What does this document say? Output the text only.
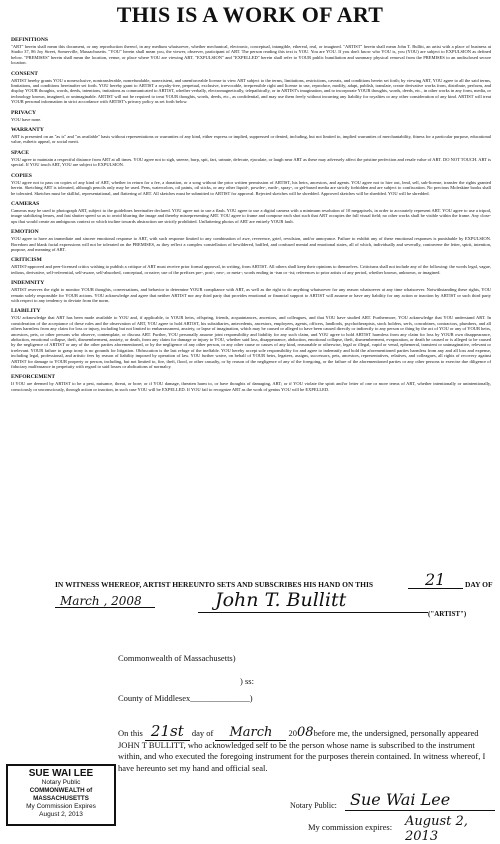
THIS IS A WORK OF ART
DEFINITIONS
"ART" herein shall mean this document, or any reproduction thereof, in any medium whatsoever, whether mechanical, electronic, conceptual, intangible, ethereal, real, or imagined. "ARTIST" herein shall mean John T. Bullitt, an artist with a place of business at Studio 37, 86 Joy Street, Somerville, Massachusetts. "YOU" herein shall mean you, the viewer, observer, participant of ART. The person reading this text is YOU. You are YOU. If you don't know who YOU is, you (YOU) are subject to EXPULSION as defined below. "PREMISES" herein shall mean the location, venue, or place where YOU are viewing ART. "EXPULSION" and "EXPELLED" herein shall refer to YOUR public humiliation and summary physical removal from the PREMISES to an undisclosed secure location.
CONSENT
ARTIST hereby grants YOU a nonexclusive, nontransferable, nonrefundable, nonexistent, and unenforceable license to view ART subject to the terms, limitations, restrictions, caveats, and conditions herein set forth; by viewing ART, YOU agree to all the said terms, limitations, and conditions hereinafter set forth. YOU hereby grant to ARTIST a royalty-free, perpetual, exclusive, irrevocable, irrepressible right and license to use, reproduce, modify, adapt, publish, translate, create derivative works from, distribute, perform, and display YOUR thoughts, words, deeds, intentions, imitations as communicated to ARTIST, whether verbally, electromagnetically, telepathically, or in ARTIST's imagination, and to incorporate YOUR thoughts, words, deeds, etc., in other works in any form, media, or technology known, imagined, or unimaginable. ARTIST will not be required to treat YOUR thoughts, words, deeds, etc., as confidential, and may use them freely without incurring any liability for royalties or any other consideration of any kind. ARTIST will treat YOUR personal information in strict accordance with ARTIST's privacy policy as set forth below.
PRIVACY
YOU have none.
WARRANTY
ART is presented on an "as is" and "as available" basis without representations or warranties of any kind, either express or implied, suppressed or denied, including, but not limited to, implied warranties of merchantability, fitness for a particular purpose, educational value, esthetic appeal, or social merit.
SPACE
YOU agree to maintain a respectful distance from ART at all times. YOU agree not to sigh, sneeze, burp, spit, fart, urinate, defecate, ejaculate, or laugh near ART as these may adversely affect the pristine perfection and resale value of ART. DO NOT TOUCH. ART is special. If YOU touch ART, YOU are subject to EXPULSION.
COPIES
YOU agree not to pass on copies of any kind of ART, whether in return for a fee, a donation, or a song without the prior written permission of ARTIST, his heirs, ancestors, and agents. YOU agree not to hire out, lend, sell, sub-license, transfer the rights granted herein. Sketching ART is tolerated, although pencils only may be used. Pens, watercolors, oil paints, oil sticks, or any other liquid-, powder-, earth-, spray-, or gel-based media are strictly forbidden and are subject to confiscation. No precious Moleskine books shall be tolerated. Sketches must be skillful, representational, and flattering of ART. All sketches must be submitted to ARTIST for approval. Rejected sketches will be shredded. Approved sketches will be shredded. YOU will be shredded.
CAMERAS
Cameras may be used to photograph ART, subject to the guidelines hereinafter declared. YOU agree not to use a flash. YOU agree to use a digital camera with a minimum resolution of 10 megapixels, in order to accurately represent ART. YOU agree to use a tripod, image stabilizing lenses, and fast shutter speed so as to avoid blurring the image and thereby misrepresenting ART. YOU agree to frame and compose each shot such that ART occupies the full visual field; no other works shall be visible within the frame. Any close-ups that would create an ambiguous context or which incline towards abstraction are strictly prohibited. Unflattering photos of ART are entirely YOUR fault.
EMOTION
YOU agree to have an immediate and sincere emotional response to ART, with such response limited to any combination of awe, reverence, grief, revulsion, and/or annoyance. Failure to exhibit any of these emotional responses is punishable by EXPULSION. Boredom and blank facial expressions will not be tolerated on the PREMISES, as they reflect a complex constellation of bewildered, baffled, and confused mental and emotional states, all of which, individually and severally, contravene the letter, spirit, intention, purpose, and meaning of ART.
CRITICISM
ARTIST-approved and peer-licensed critics wishing to publish a critique of ART must receive prior formal approval, in writing, from ARTIST. All others shall keep their opinions to themselves. Criticisms shall not include any of the following: the words legal, vague, tedious, derivative, self-referential, self-aware, self-absorbed, conceptual, or naive; use of the prefixes pre-, post-, neo-, or meta-; words ending in -ism or -ist; references to prior artists of any period, whether known, unknown, or imagined.
INDEMNITY
ARTIST reserves the right to monitor YOUR thoughts, conversations, and behavior to determine YOUR compliance with ART, as well as the right to do anything whatsoever for any reason whatsoever at any time whatsoever. Notwithstanding these rights, YOU remain solely responsible for YOUR actions. YOU acknowledge and agree that neither ARTIST nor any third party that provides emotional or financial support to ARTIST will assume or have any liability for any action or inaction by ARTIST or such third party with respect to any tendency to deviate from the norm.
LIABILITY
YOU acknowledge that ART has been made available to YOU and, if applicable, to YOUR heirs, offspring, friends, acquaintances, ancestors, and colleagues, and that YOU have studied ART. Furthermore, YOU acknowledge that YOU understand ART. In consideration of the acceptance of these rules and the observation of ART, YOU agree to hold ARTIST, his subsidiaries, antecedents, ancestors, employees, agents, officers, landlords, psychotherapists, stock holders, serfs, concubines, contractors, plumbers, and all others harmless from any claim for loss or injury, including but not limited to embarrassment, anxiety, or lapse of imagination, which may be caused or alleged to have been caused directly or indirectly to any person or thing by the act of YOU or any of YOUR heirs, ancestors, pets, or other persons who observe, contemplate, or discuss ART. Further, YOU personally assume joint responsibility and liability for any such claim, and YOU agree to hold ARTIST harmless from any claim for loss by YOUR own disappearance, abduction, emotional collapse, theft, dismemberment, anxiety, or death, from any claim for damage or injury to YOU, whether said loss, disappearance, abduction, emotional collapse, theft, dismemberment, evaporation, or death be caused or is alleged to be caused by the negligence of ARTIST or any of the other parties aforementioned, or by the negligence of any other person, or any other cause or causes of any kind, reasonable or otherwise, legal or illegal, vapid or venal, ephemeral, transient or unimaginative, relevant or irrelevant. YOUR failure to grasp irony is no grounds for litigation. Obfuscation is the last refuge of the ineffable. YOU hereby accept sole responsibility for and agree to indemnify and hold the aforementioned parties harmless from any and all loss and expense, including legal, professional, and artistic fees by reason of liability imposed by operation of law. YOU further waive, on behalf of YOUR heirs, legatees, assigns, successors, pets, ancestors, representatives, relatives, and colleagues, all rights of recovery against ARTIST for damage to YOUR property or person, including, but not limited to, fire, theft, flood, or other casualty, or by reason of the negligence of any of the foregoing, or the failure of the aforementioned parties or any other persons to exercise due diligence of fiduciary malfeasance in perpetuity with regard to said losses or abdications of normalcy.
ENFORCEMENT
If YOU are deemed by ARTIST to be a pest, nuisance, threat, or bore; or if YOU damage, threaten harm to, or have thoughts of damaging, ART; or if YOU violate the spirit and/or letter of one or more terms of ART, whether intentionally or unintentionally, consciously or unconsciously, through action or inaction, in such case YOU will be EXPELLED. If YOU fail to recognize ART as the work of genius YOU will be EXPELLED.
IN WITNESS WHEREOF, ARTIST HEREUNTO SETS AND SUBSCRIBES HIS HAND ON THIS	21	DAY OF
March , 2008	John T. Bullitt
("ARTIST")
Commonwealth of Massachusetts)
) ss:
County of Middlesex______________)
On this 21st day of March 2008before me, the undersigned, personally appeared JOHN T BULLITT, who acknowledged self to be the person whose name is subscribed to the instrument within, and who executed the foregoing instrument for the purposes therein contained. In witness whereof, I have hereunto set my hand and official seal.
Notary Public: Sue Wai Lee
My commission expires: August 2, 2013
SUE WAI LEE
Notary Public
COMMONWEALTH of MASSACHUSETTS
My Commission Expires
August 2, 2013
